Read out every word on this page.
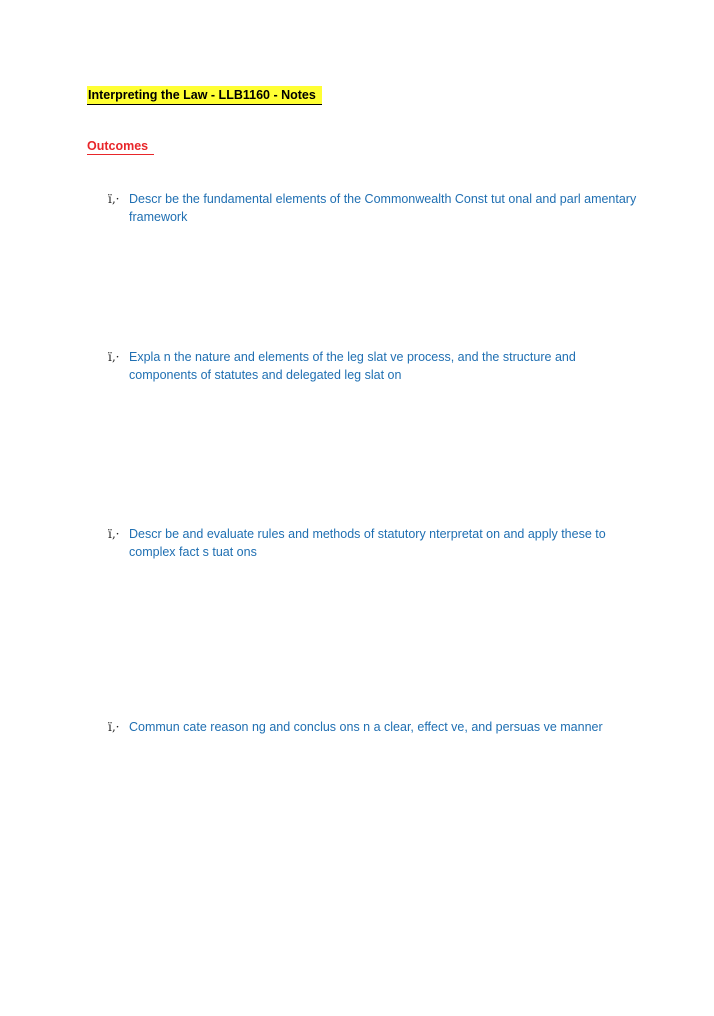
Interpreting the Law - LLB1160 - Notes
Outcomes
ï‚· Descr be the fundamental elements of the Commonwealth Const tut onal and parl amentary framework
ï‚· Expla n the nature and elements of the leg slat ve process, and the structure and components of statutes and delegated leg slat on
ï‚· Descr be and evaluate rules and methods of statutory nterpretat on and apply these to complex fact s tuat ons
ï‚· Commun cate reason ng and conclus ons n a clear, effect ve, and persuas ve manner
